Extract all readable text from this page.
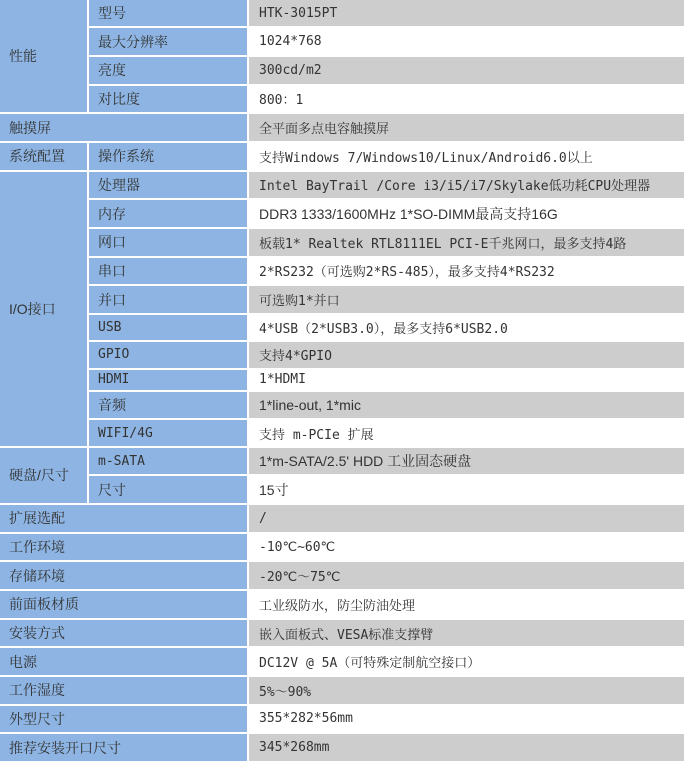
性能	型号	HTK-3015PT
	最大分辨率	1024*768
	亮度	300cd/m2
	对比度	800：1
触摸屏		全平面多点电容触摸屏
系统配置	操作系统	支持Windows 7/Windows10/Linux/Android6.0以上
I/O接口	处理器	Intel BayTrail /Core i3/i5/i7/Skylake低功耗CPU处理器
	内存	DDR3 1333/1600MHz 1*SO-DIMM最高支持16G
	网口	板载1* Realtek RTL8111EL PCI-E千兆网口，最多支持4路
	串口	2*RS232（可选购2*RS-485），最多支持4*RS232
	并口	可选购1*并口
	USB	4*USB（2*USB3.0），最多支持6*USB2.0
	GPIO	支持4*GPIO
	HDMI	1*HDMI
	音频	1*line-out, 1*mic
	WIFI/4G	支持 m-PCIe 扩展
硬盘/尺寸	m-SATA	1*m-SATA/2.5' HDD 工业固态硬盘
	尺寸	15寸
扩展选配		/
工作环境		-10℃~60℃
存储环境		-20℃～75℃
前面板材质		工业级防水，防尘防油处理
安装方式		嵌入面板式、VESA标准支撑臂
电源		DC12V @ 5A（可特殊定制航空接口）
工作湿度		5%～90%
外型尺寸		355*282*56mm
推荐安装开口尺寸		345*268mm
